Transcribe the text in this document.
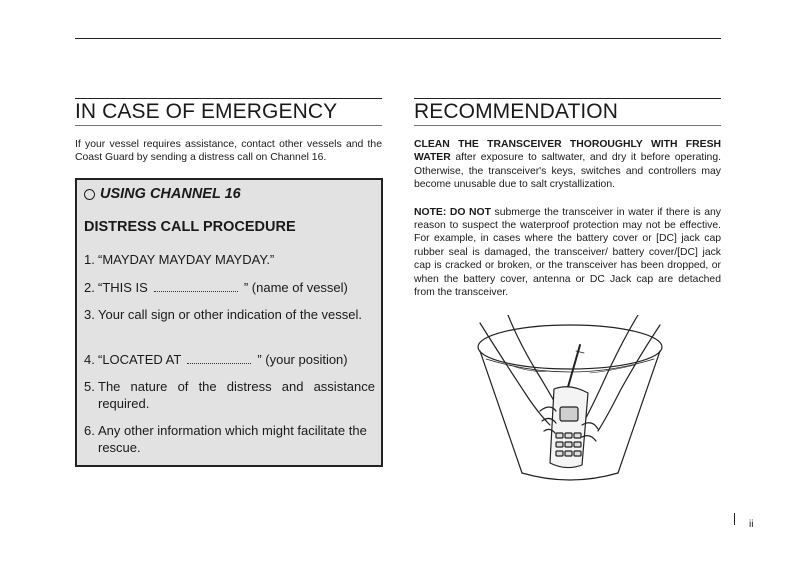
IN CASE OF EMERGENCY

If your vessel requires assistance, contact other vessels and the Coast Guard by sending a distress call on Channel 16.

USING CHANNEL 16
DISTRESS CALL PROCEDURE
1. “MAYDAY MAYDAY MAYDAY.”
2. “THIS IS	” (name of vessel)
3. Your call sign or other indication of the vessel.
4. “LOCATED AT	” (your position)
5. The nature of the distress and assistance required.
6. Any other information which might facilitate the rescue.
RECOMMENDATION

CLEAN THE TRANSCEIVER THOROUGHLY WITH FRESH WATER after exposure to saltwater, and dry it before operating. Otherwise, the transceiver's keys, switches and controllers may become unusable due to salt crystallization.

NOTE: DO NOT submerge the transceiver in water if there is any reason to suspect the waterproof protection may not be effective. For example, in cases where the battery cover or [DC] jack cap rubber seal is damaged, the transceiver/ battery cover/[DC] jack cap is cracked or broken, or the transceiver has been dropped, or when the battery cover, antenna or DC Jack cap are detached from the transceiver.

ii
